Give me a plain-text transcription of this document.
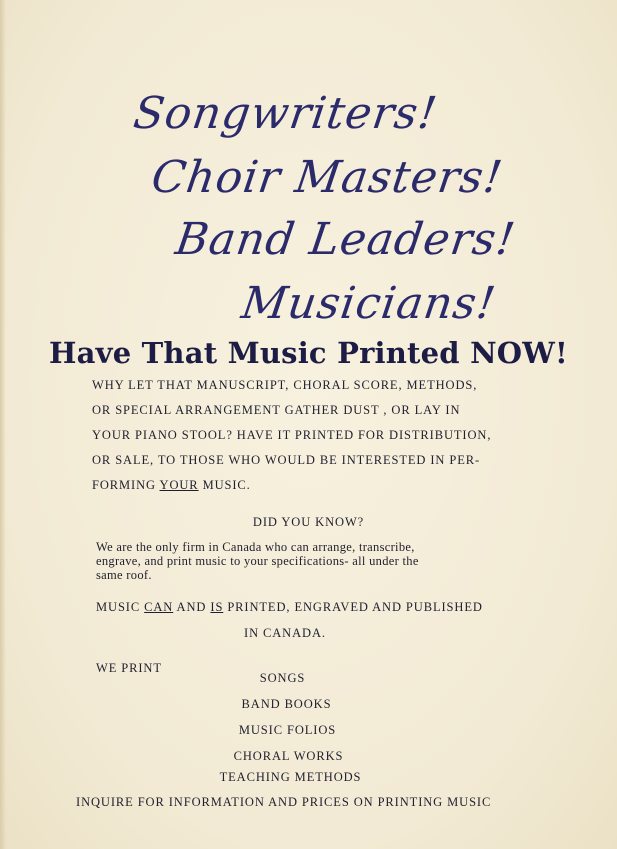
Songwriters!
Choir Masters!
Band Leaders!
Musicians!
Have That Music Printed NOW!
WHY LET THAT MANUSCRIPT, CHORAL SCORE, METHODS,
OR SPECIAL ARRANGEMENT GATHER DUST , OR LAY IN
YOUR PIANO STOOL? HAVE IT PRINTED FOR DISTRIBUTION,
OR SALE, TO THOSE WHO WOULD BE INTERESTED IN PER-
FORMING YOUR MUSIC.
DID YOU KNOW?
We are the only firm in Canada who can arrange, transcribe,
engrave, and print music to your specifications- all under the
same roof.
MUSIC CAN AND IS PRINTED, ENGRAVED AND PUBLISHED
IN CANADA.
WE PRINT
SONGS
BAND BOOKS
MUSIC FOLIOS
CHORAL WORKS
TEACHING METHODS
INQUIRE FOR INFORMATION AND PRICES ON PRINTING MUSIC
